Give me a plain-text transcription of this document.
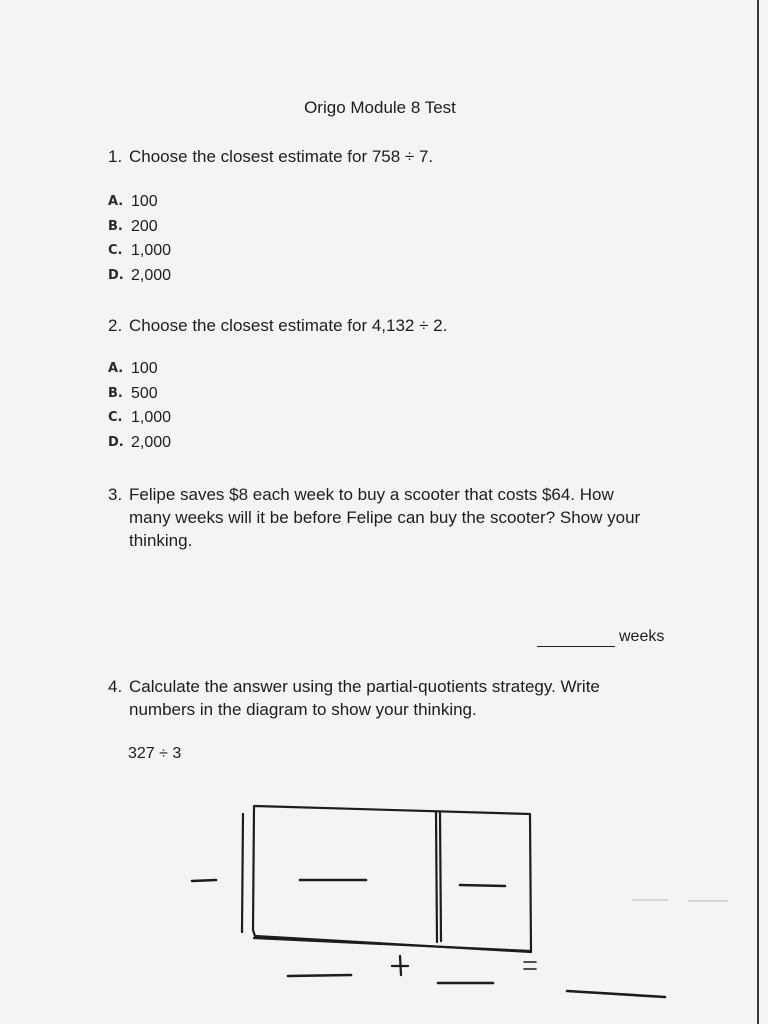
Origo Module 8 Test
1. Choose the closest estimate for 758 ÷ 7.
A. 100
B. 200
C. 1,000
D. 2,000
2. Choose the closest estimate for 4,132 ÷ 2.
A. 100
B. 500
C. 1,000
D. 2,000
3. Felipe saves $8 each week to buy a scooter that costs $64. How
many weeks will it be before Felipe can buy the scooter? Show your
thinking.
weeks
4. Calculate the answer using the partial-quotients strategy. Write
numbers in the diagram to show your thinking.
327 ÷ 3
